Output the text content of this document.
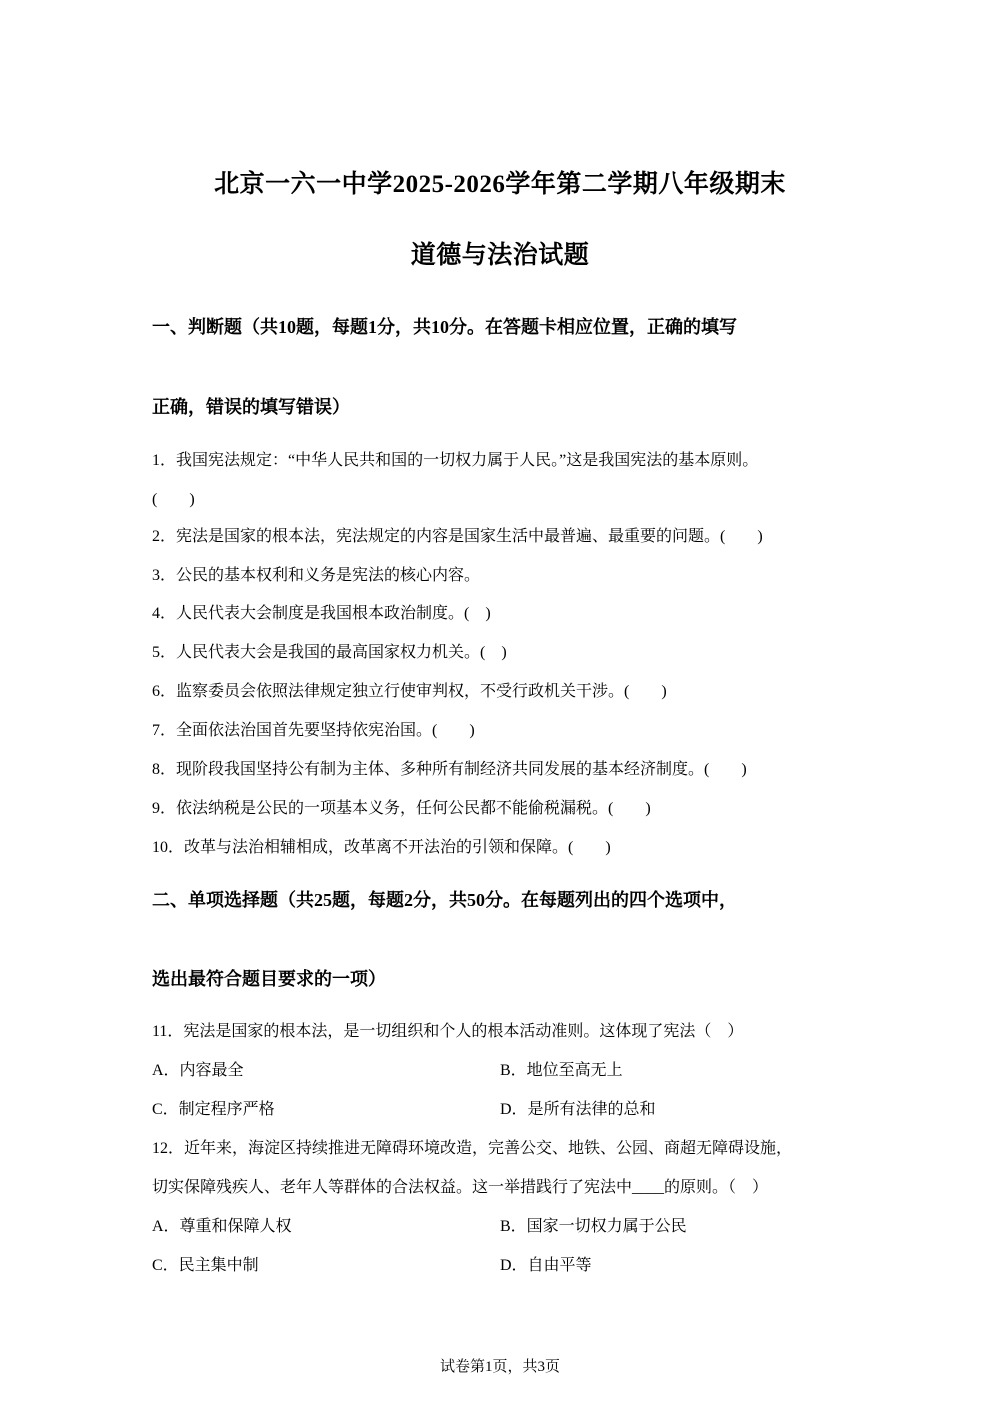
北京一六一中学2025-2026学年第二学期八年级期末
道德与法治试题
一、判断题（共10题，每题1分，共10分。在答题卡相应位置，正确的填写
正确，错误的填写错误）
1．我国宪法规定：“中华人民共和国的一切权力属于人民。”这是我国宪法的基本原则。
(　　)
2．宪法是国家的根本法，宪法规定的内容是国家生活中最普遍、最重要的问题。(　　)
3．公民的基本权利和义务是宪法的核心内容。
4．人民代表大会制度是我国根本政治制度。(　)
5．人民代表大会是我国的最高国家权力机关。(　)
6．监察委员会依照法律规定独立行使审判权，不受行政机关干涉。(　　)
7．全面依法治国首先要坚持依宪治国。(　　)
8．现阶段我国坚持公有制为主体、多种所有制经济共同发展的基本经济制度。(　　)
9．依法纳税是公民的一项基本义务，任何公民都不能偷税漏税。(　　)
10．改革与法治相辅相成，改革离不开法治的引领和保障。(　　)
二、单项选择题（共25题，每题2分，共50分。在每题列出的四个选项中，
选出最符合题目要求的一项）
11．宪法是国家的根本法，是一切组织和个人的根本活动准则。这体现了宪法（　）
A．内容最全	B．地位至高无上
C．制定程序严格	D．是所有法律的总和
12．近年来，海淀区持续推进无障碍环境改造，完善公交、地铁、公园、商超无障碍设施，
切实保障残疾人、老年人等群体的合法权益。这一举措践行了宪法中____的原则。（　）
A．尊重和保障人权	B．国家一切权力属于公民
C．民主集中制	D．自由平等
试卷第1页，共3页
